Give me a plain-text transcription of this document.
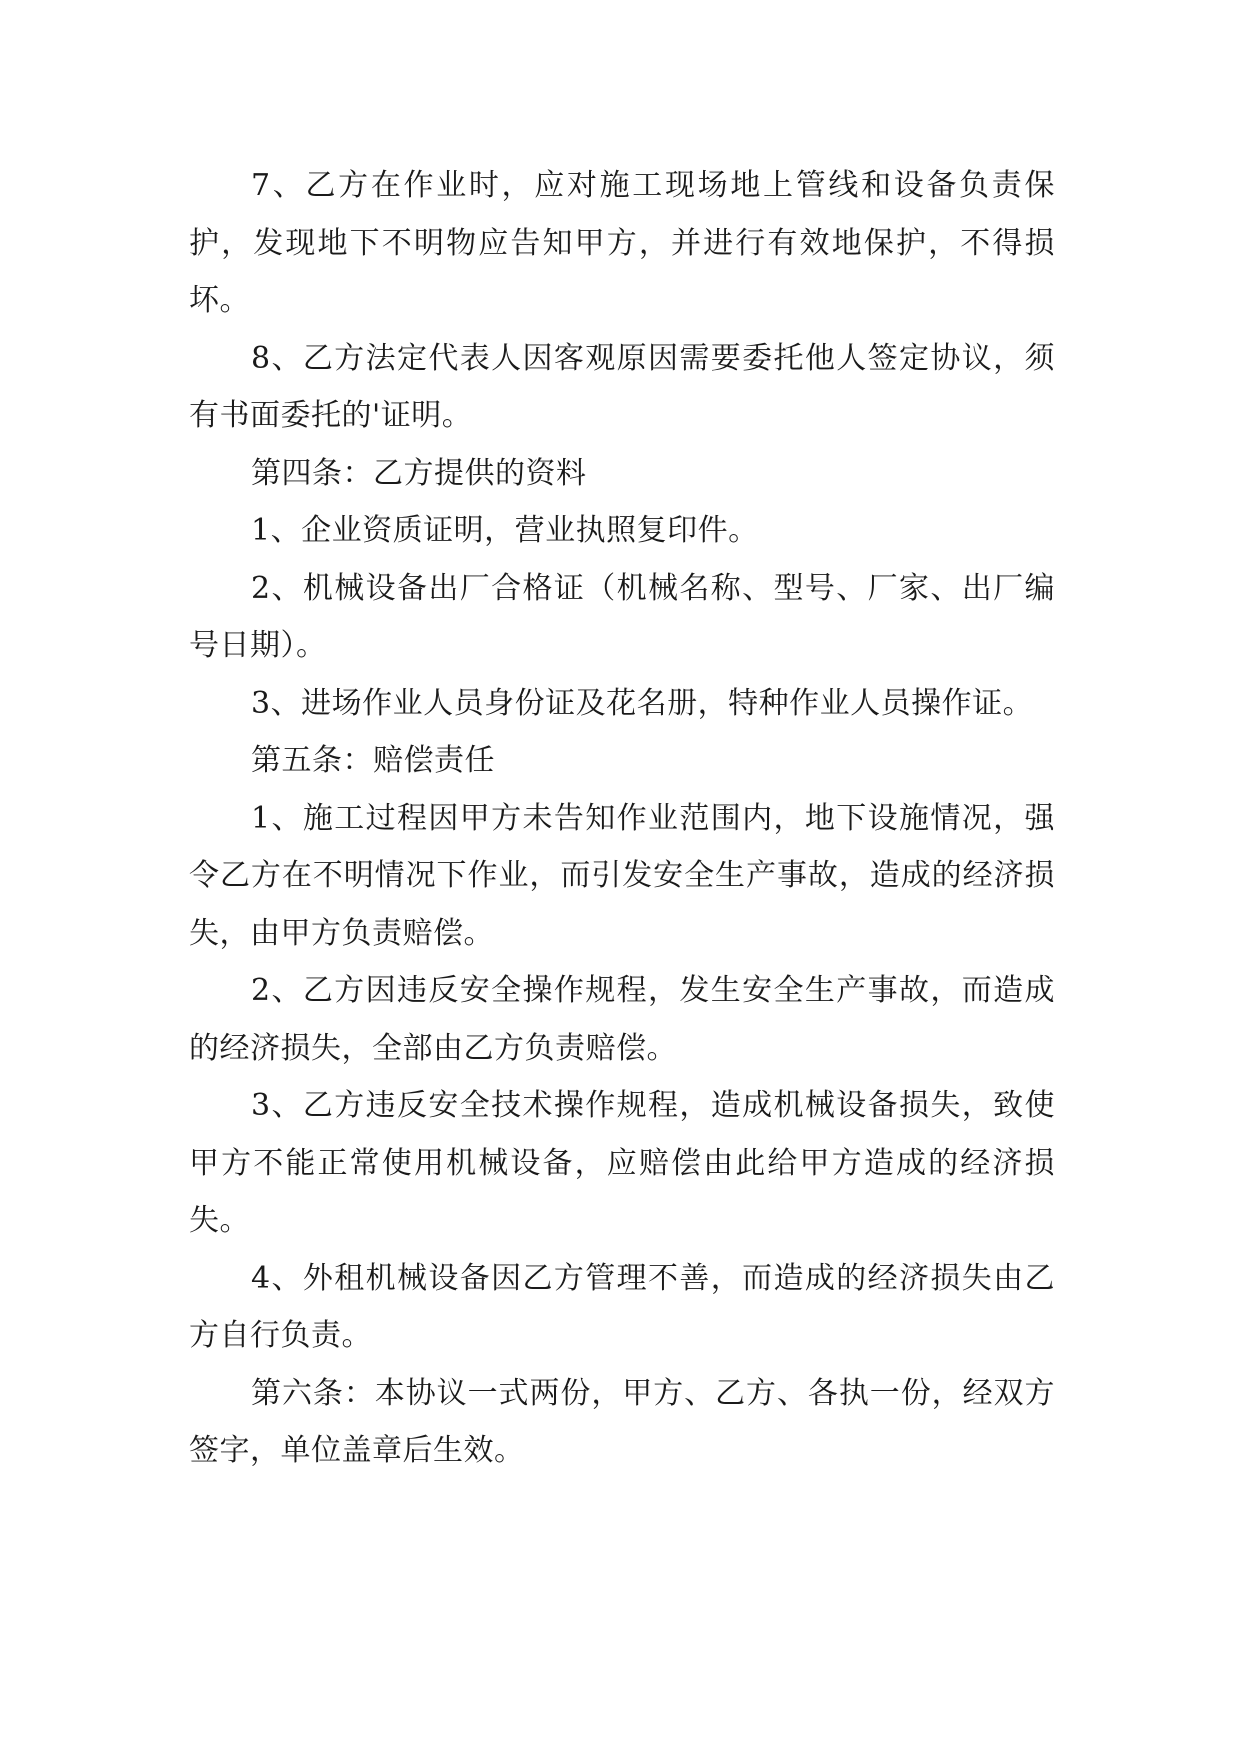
7、乙方在作业时，应对施工现场地上管线和设备负责保护，发现地下不明物应告知甲方，并进行有效地保护，不得损坏。

8、乙方法定代表人因客观原因需要委托他人签定协议，须有书面委托的'证明。

第四条：乙方提供的资料

1、企业资质证明，营业执照复印件。

2、机械设备出厂合格证（机械名称、型号、厂家、出厂编号日期）。

3、进场作业人员身份证及花名册，特种作业人员操作证。

第五条：赔偿责任

1、施工过程因甲方未告知作业范围内，地下设施情况，强令乙方在不明情况下作业，而引发安全生产事故，造成的经济损失，由甲方负责赔偿。

2、乙方因违反安全操作规程，发生安全生产事故，而造成的经济损失，全部由乙方负责赔偿。

3、乙方违反安全技术操作规程，造成机械设备损失，致使甲方不能正常使用机械设备，应赔偿由此给甲方造成的经济损失。

4、外租机械设备因乙方管理不善，而造成的经济损失由乙方自行负责。

第六条：本协议一式两份，甲方、乙方、各执一份，经双方签字，单位盖章后生效。
